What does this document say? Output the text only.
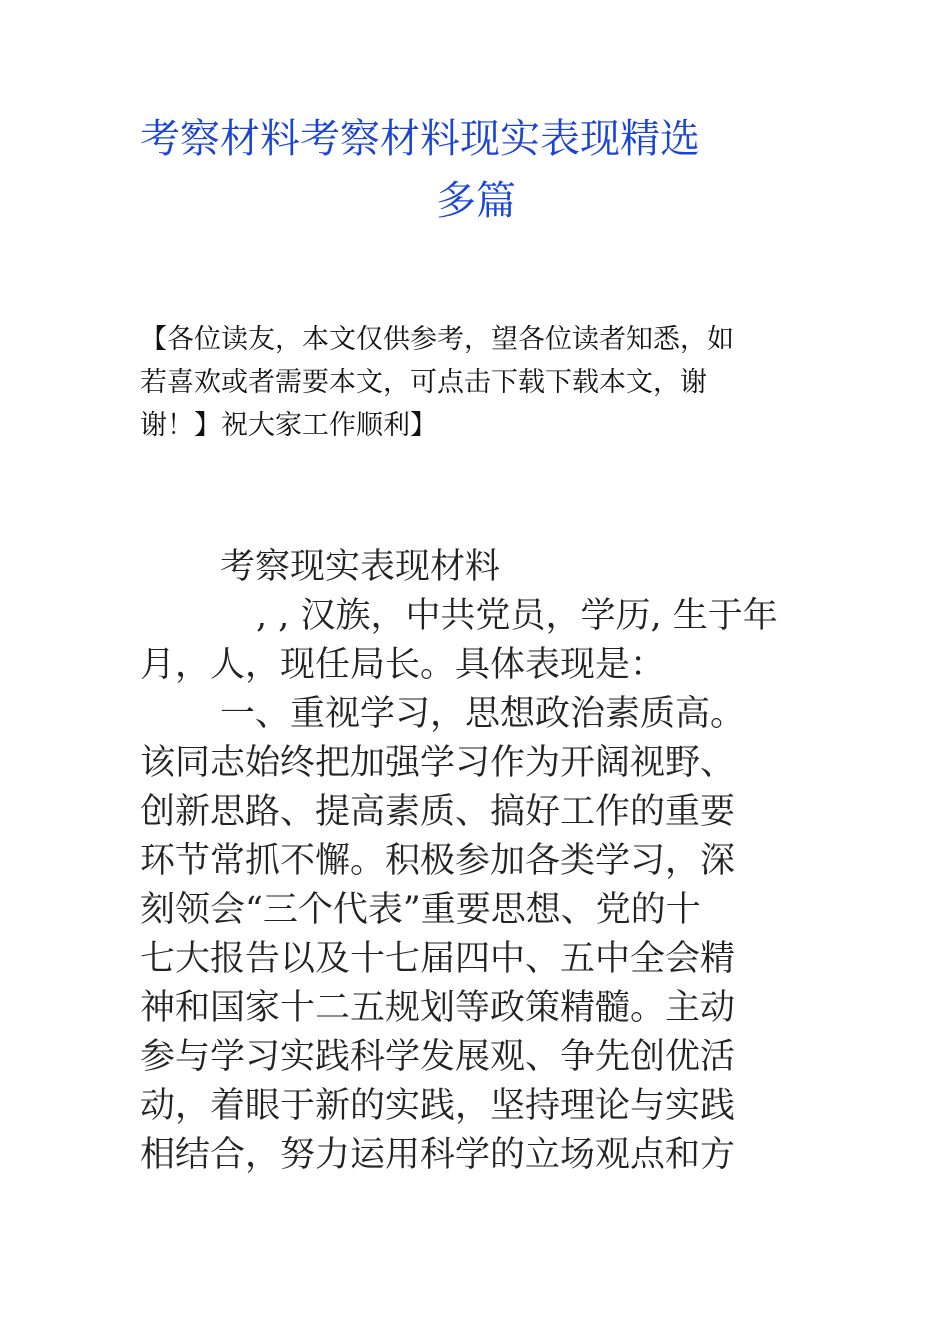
考察材料考察材料现实表现精选
多篇
【各位读友，本文仅供参考，望各位读者知悉，如
若喜欢或者需要本文，可点击下载下载本文，谢
谢！】祝大家工作顺利】
考察现实表现材料
, , 汉族，中共党员，学历, 生于年
月，人，现任局长。具体表现是：
一、重视学习，思想政治素质高。
该同志始终把加强学习作为开阔视野、
创新思路、提高素质、搞好工作的重要
环节常抓不懈。积极参加各类学习，深
刻领会“三个代表”重要思想、党的十
七大报告以及十七届四中、五中全会精
神和国家十二五规划等政策精髓。主动
参与学习实践科学发展观、争先创优活
动，着眼于新的实践，坚持理论与实践
相结合，努力运用科学的立场观点和方
